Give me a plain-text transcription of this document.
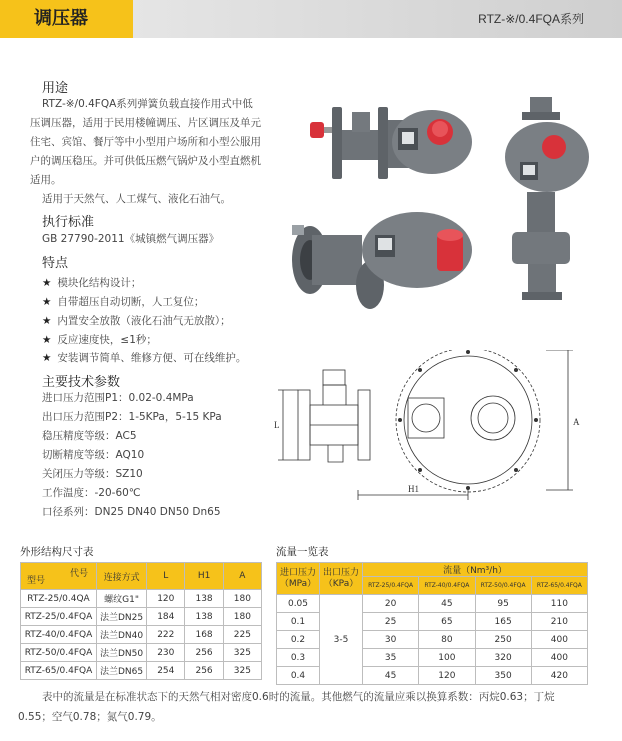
调压器	RTZ-※/0.4FQA系列
用途
RTZ-※/0.4FQA系列弹簧负载直接作用式中低
压调压器，适用于民用楼幢调压、片区调压及单元
住宅、宾馆、餐厅等中小型用户场所和小型公服用
户的调压稳压。并可供低压燃气锅炉及小型直燃机
适用。
适用于天然气、人工煤气、液化石油气。
执行标准
GB 27790-2011《城镇燃气调压器》
特点
★ 模块化结构设计；
★ 自带超压自动切断，人工复位；
★ 内置安全放散（液化石油气无放散）；
★ 反应速度快，≤1秒；
★ 安装调节简单、维修方便、可在线维护。
主要技术参数
进口压力范围P1：0.02-0.4MPa
出口压力范围P2：1-5KPa，5-15 KPa
稳压精度等级：AC5
切断精度等级：AQ10
关闭压力等级：SZ10
工作温度：-20-60℃
口径系列：DN25 DN40 DN50 Dn65
L	A
H1
外形结构尺寸表
代号
型号	连接方式	L	H1	A
RTZ-25/0.4QA	螺纹G1"	120	138	180
RTZ-25/0.4FQA	法兰DN25	184	138	180
RTZ-40/0.4FQA	法兰DN40	222	168	225
RTZ-50/0.4FQA	法兰DN50	230	256	325
RTZ-65/0.4FQA	法兰DN65	254	256	325
流量一览表
进口压力（MPa）	出口压力（KPa）	流量（Nm³/h）			
		RTZ-25/0.4FQA	RTZ-40/0.4FQA	RTZ-50/0.4FQA	RTZ-65/0.4FQA
0.05	3-5	20	45	95	110
0.1		25	65	165	210
0.2		30	80	250	400
0.3		35	100	320	400
0.4		45	120	350	420
表中的流量是在标准状态下的天然气相对密度0.6时的流量。其他燃气的流量应乘以换算系数：丙烷0.63；丁烷
0.55；空气0.78；氮气0.79。
